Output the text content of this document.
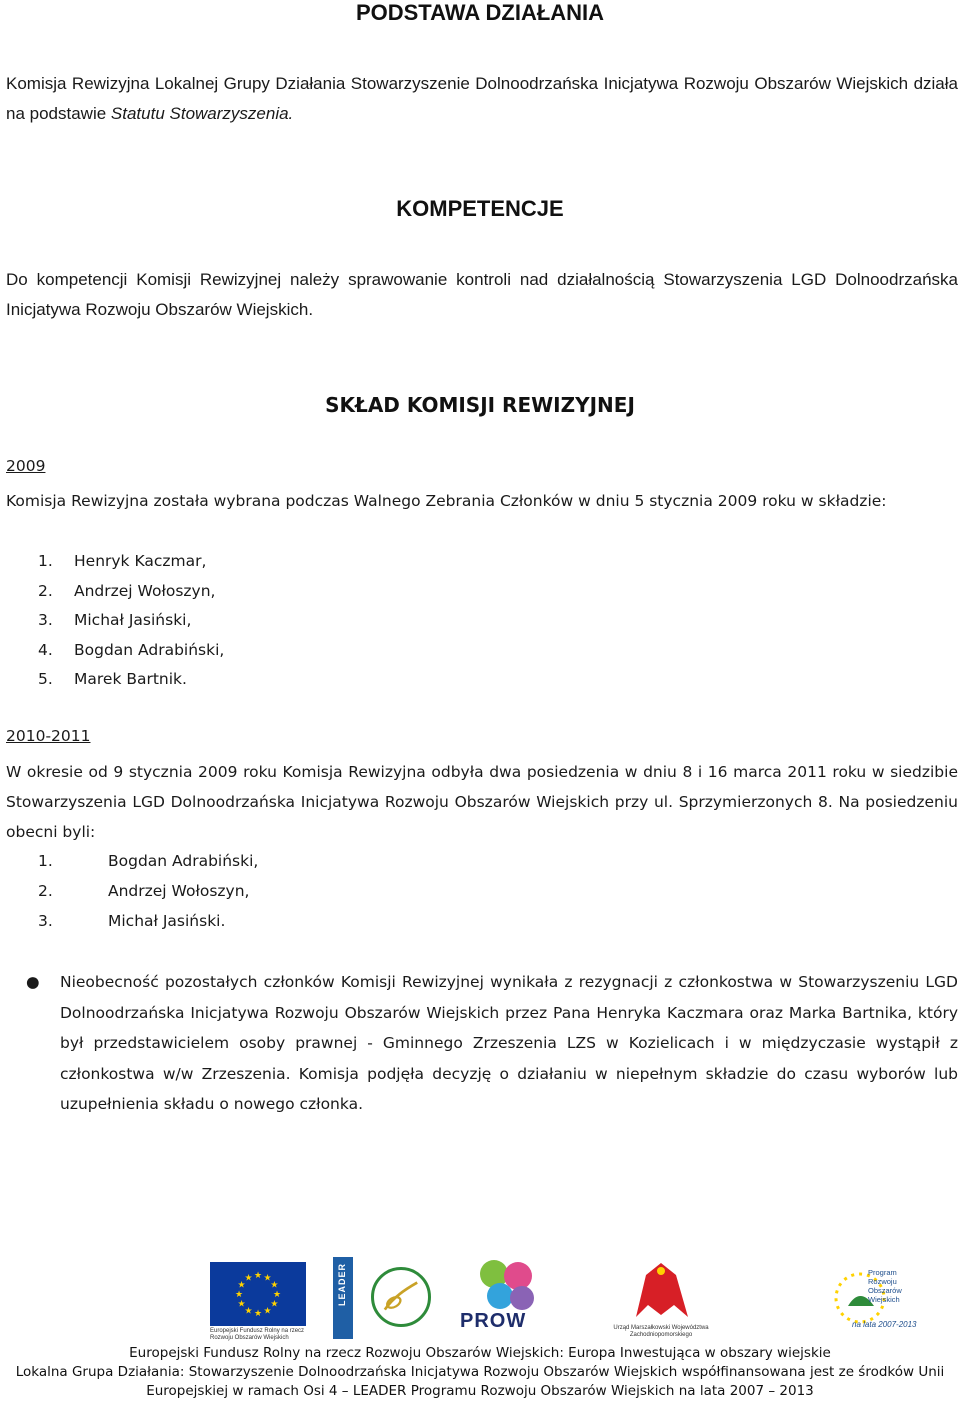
PODSTAWA DZIAŁANIA
Komisja Rewizyjna Lokalnej Grupy Działania Stowarzyszenie Dolnoodrzańska Inicjatywa Rozwoju Obszarów Wiejskich działa na podstawie Statutu Stowarzyszenia.
KOMPETENCJE
Do kompetencji Komisji Rewizyjnej należy sprawowanie kontroli nad działalnością Stowarzyszenia LGD Dolnoodrzańska Inicjatywa Rozwoju Obszarów Wiejskich.
SKŁAD KOMISJI REWIZYJNEJ
2009
Komisja Rewizyjna została wybrana podczas Walnego Zebrania Członków w dniu 5 stycznia 2009 roku w składzie:
1.	Henryk Kaczmar,
2.	Andrzej Wołoszyn,
3.	Michał Jasiński,
4.	Bogdan Adrabiński,
5.	Marek Bartnik.
2010-2011
W okresie od 9 stycznia 2009 roku Komisja Rewizyjna odbyła dwa posiedzenia w dniu 8 i 16 marca 2011 roku w siedzibie Stowarzyszenia LGD Dolnoodrzańska Inicjatywa Rozwoju Obszarów Wiejskich przy ul. Sprzymierzonych 8. Na posiedzeniu obecni byli:
1.	Bogdan Adrabiński,
2.	Andrzej Wołoszyn,
3.	Michał Jasiński.
● Nieobecność pozostałych członków Komisji Rewizyjnej wynikała z rezygnacji z członkostwa w Stowarzyszeniu LGD Dolnoodrzańska Inicjatywa Rozwoju Obszarów Wiejskich przez Pana Henryka Kaczmara oraz Marka Bartnika, który był przedstawicielem osoby prawnej - Gminnego Zrzeszenia LZS w Kozielicach i w międzyczasie wystąpił z członkostwa w/w Zrzeszenia. Komisja podjęła decyzję o działaniu w niepełnym składzie do czasu wyborów lub uzupełnienia składu o nowego członka.
★
★
★
★
★
★
★
★
★ ★ ★
★
Europejski Fundusz Rolny na rzecz Rozwoju Obszarów Wiejskich
LEADER
PROW	Urząd Marszałkowski Województwa Zachodniopomorskiego
Program Rozwoju Obszarów Wiejskich
na lata 2007-2013
Europejski Fundusz Rolny na rzecz Rozwoju Obszarów Wiejskich: Europa Inwestująca w obszary wiejskie
Lokalna Grupa Działania: Stowarzyszenie Dolnoodrzańska Inicjatywa Rozwoju Obszarów Wiejskich współfinansowana jest ze środków Unii
Europejskiej w ramach Osi 4 – LEADER Programu Rozwoju Obszarów Wiejskich na lata 2007 – 2013
